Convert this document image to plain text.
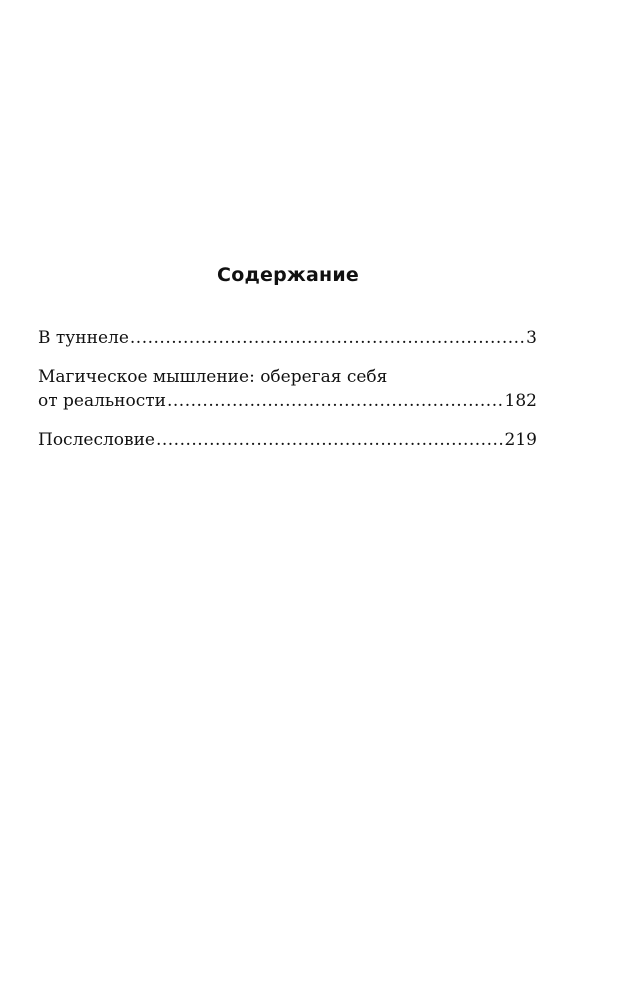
Содержание
В туннеле .....	3
Магическое мышление: оберегая себя
от реальности .....	182
Послесловие .....	219
